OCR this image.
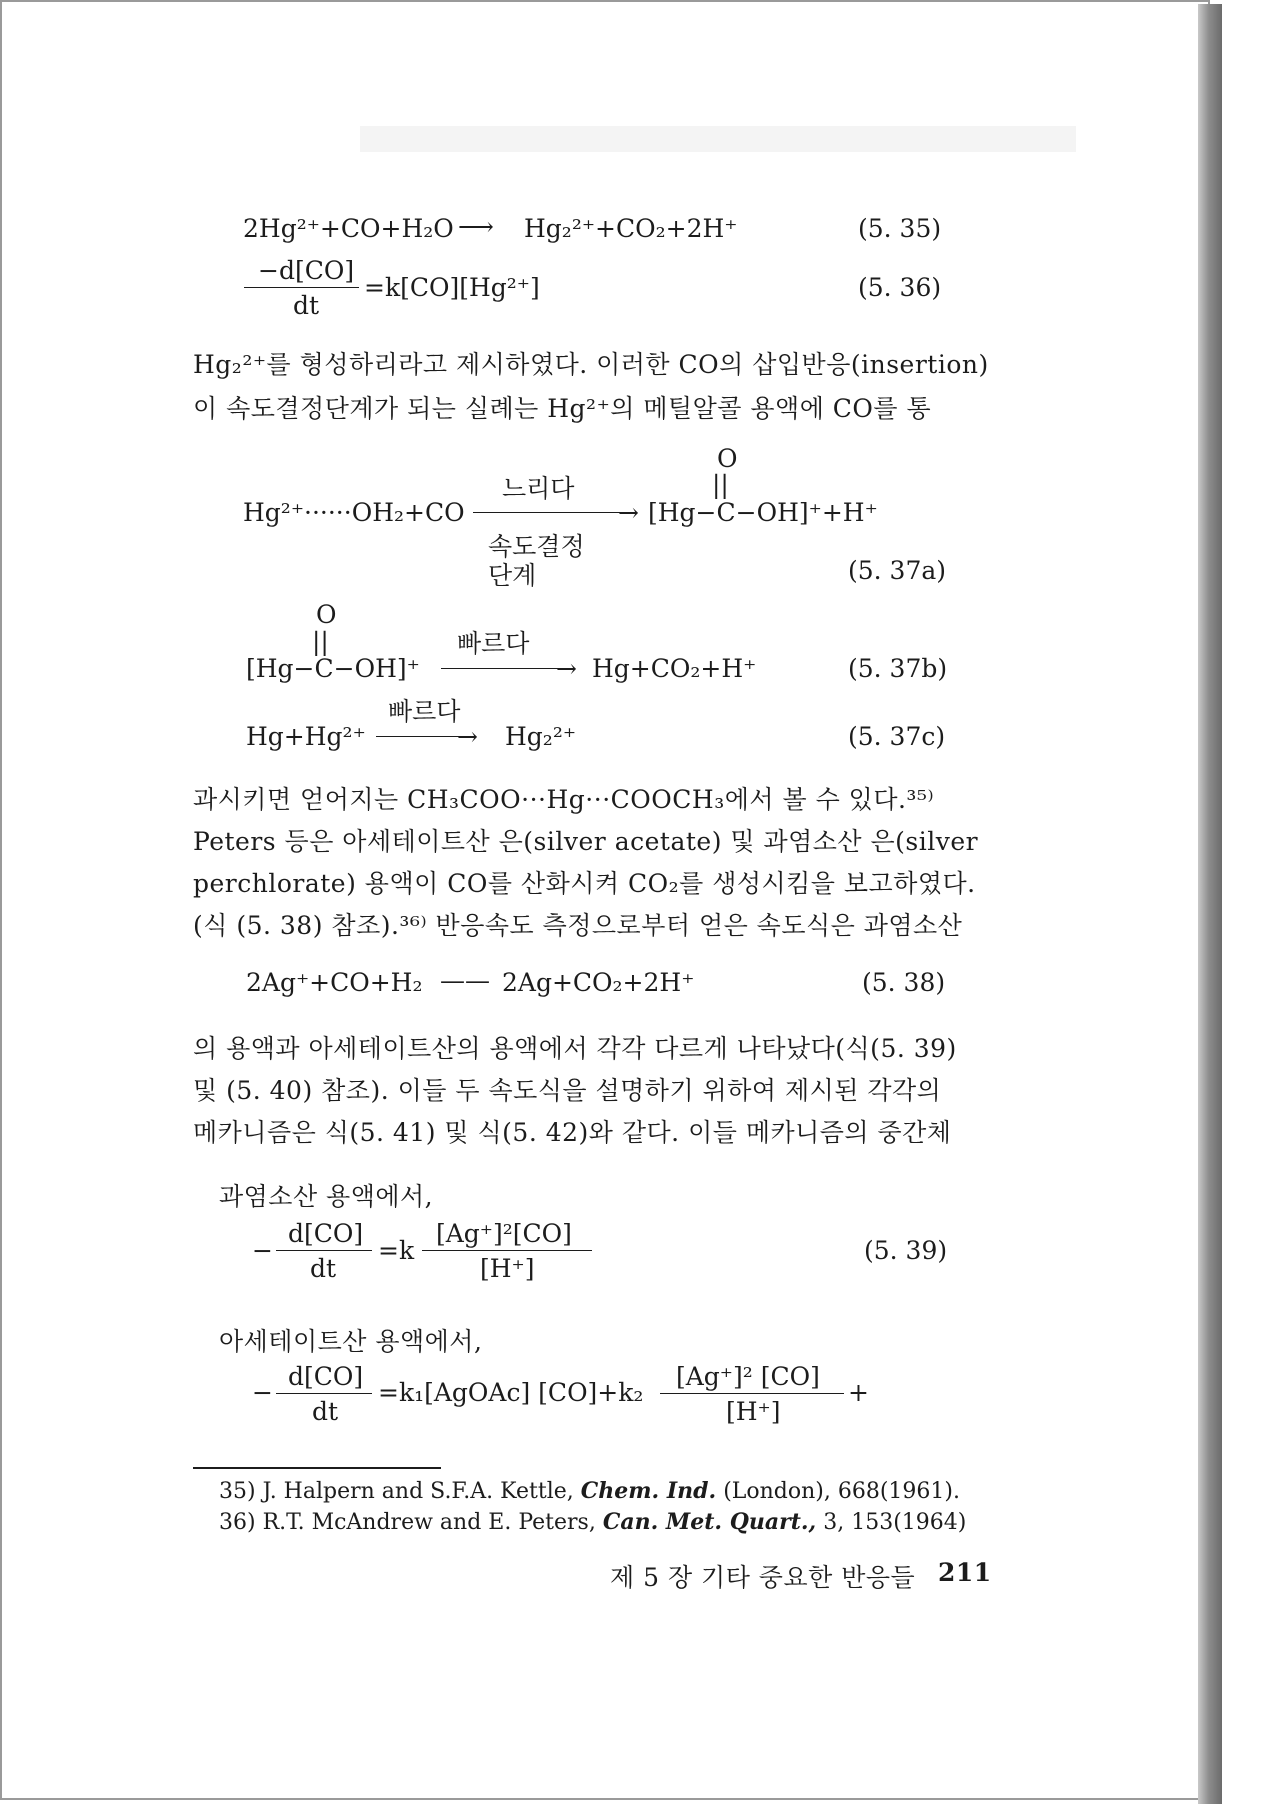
2Hg²⁺+CO+H₂O ⟶ Hg₂²⁺+CO₂+2H⁺	(5. 35)
−d[CO]
dt
=k[CO][Hg²⁺]	(5. 36)
Hg₂²⁺를 형성하리라고 제시하였다. 이러한 CO의 삽입반응(insertion)
이 속도결정단계가 되는 실례는 Hg²⁺의 메틸알콜 용액에 CO를 통
O
||
느리다
Hg²⁺······OH₂+CO	→ [Hg−C−OH]⁺+H⁺
속도결정
단계	(5. 37a)
O
||	빠르다
[Hg−C−OH]⁺	→ Hg+CO₂+H⁺	(5. 37b)
빠르다
Hg+Hg²⁺	→ Hg₂²⁺	(5. 37c)
과시키면 얻어지는 CH₃COO···Hg···COOCH₃에서 볼 수 있다.³⁵⁾
Peters 등은 아세테이트산 은(silver acetate) 및 과염소산 은(silver
perchlorate) 용액이 CO를 산화시켜 CO₂를 생성시킴을 보고하였다.
(식 (5. 38) 참조).³⁶⁾ 반응속도 측정으로부터 얻은 속도식은 과염소산
2Ag⁺+CO+H₂ —— 2Ag+CO₂+2H⁺	(5. 38)
의 용액과 아세테이트산의 용액에서 각각 다르게 나타났다(식(5. 39)
및 (5. 40) 참조). 이들 두 속도식을 설명하기 위하여 제시된 각각의
메카니즘은 식(5. 41) 및 식(5. 42)와 같다. 이들 메카니즘의 중간체
과염소산 용액에서,
−
d[CO]
dt
=k
[Ag⁺]²[CO]
[H⁺]
(5. 39)
아세테이트산 용액에서,
−
d[CO]
dt
=k₁[AgOAc] [CO]+k₂
[Ag⁺]² [CO]
[H⁺]
+
35) J. Halpern and S.F.A. Kettle, Chem. Ind. (London), 668(1961).
36) R.T. McAndrew and E. Peters, Can. Met. Quart., 3, 153(1964)
제 5 장 기타 중요한 반응들 211
